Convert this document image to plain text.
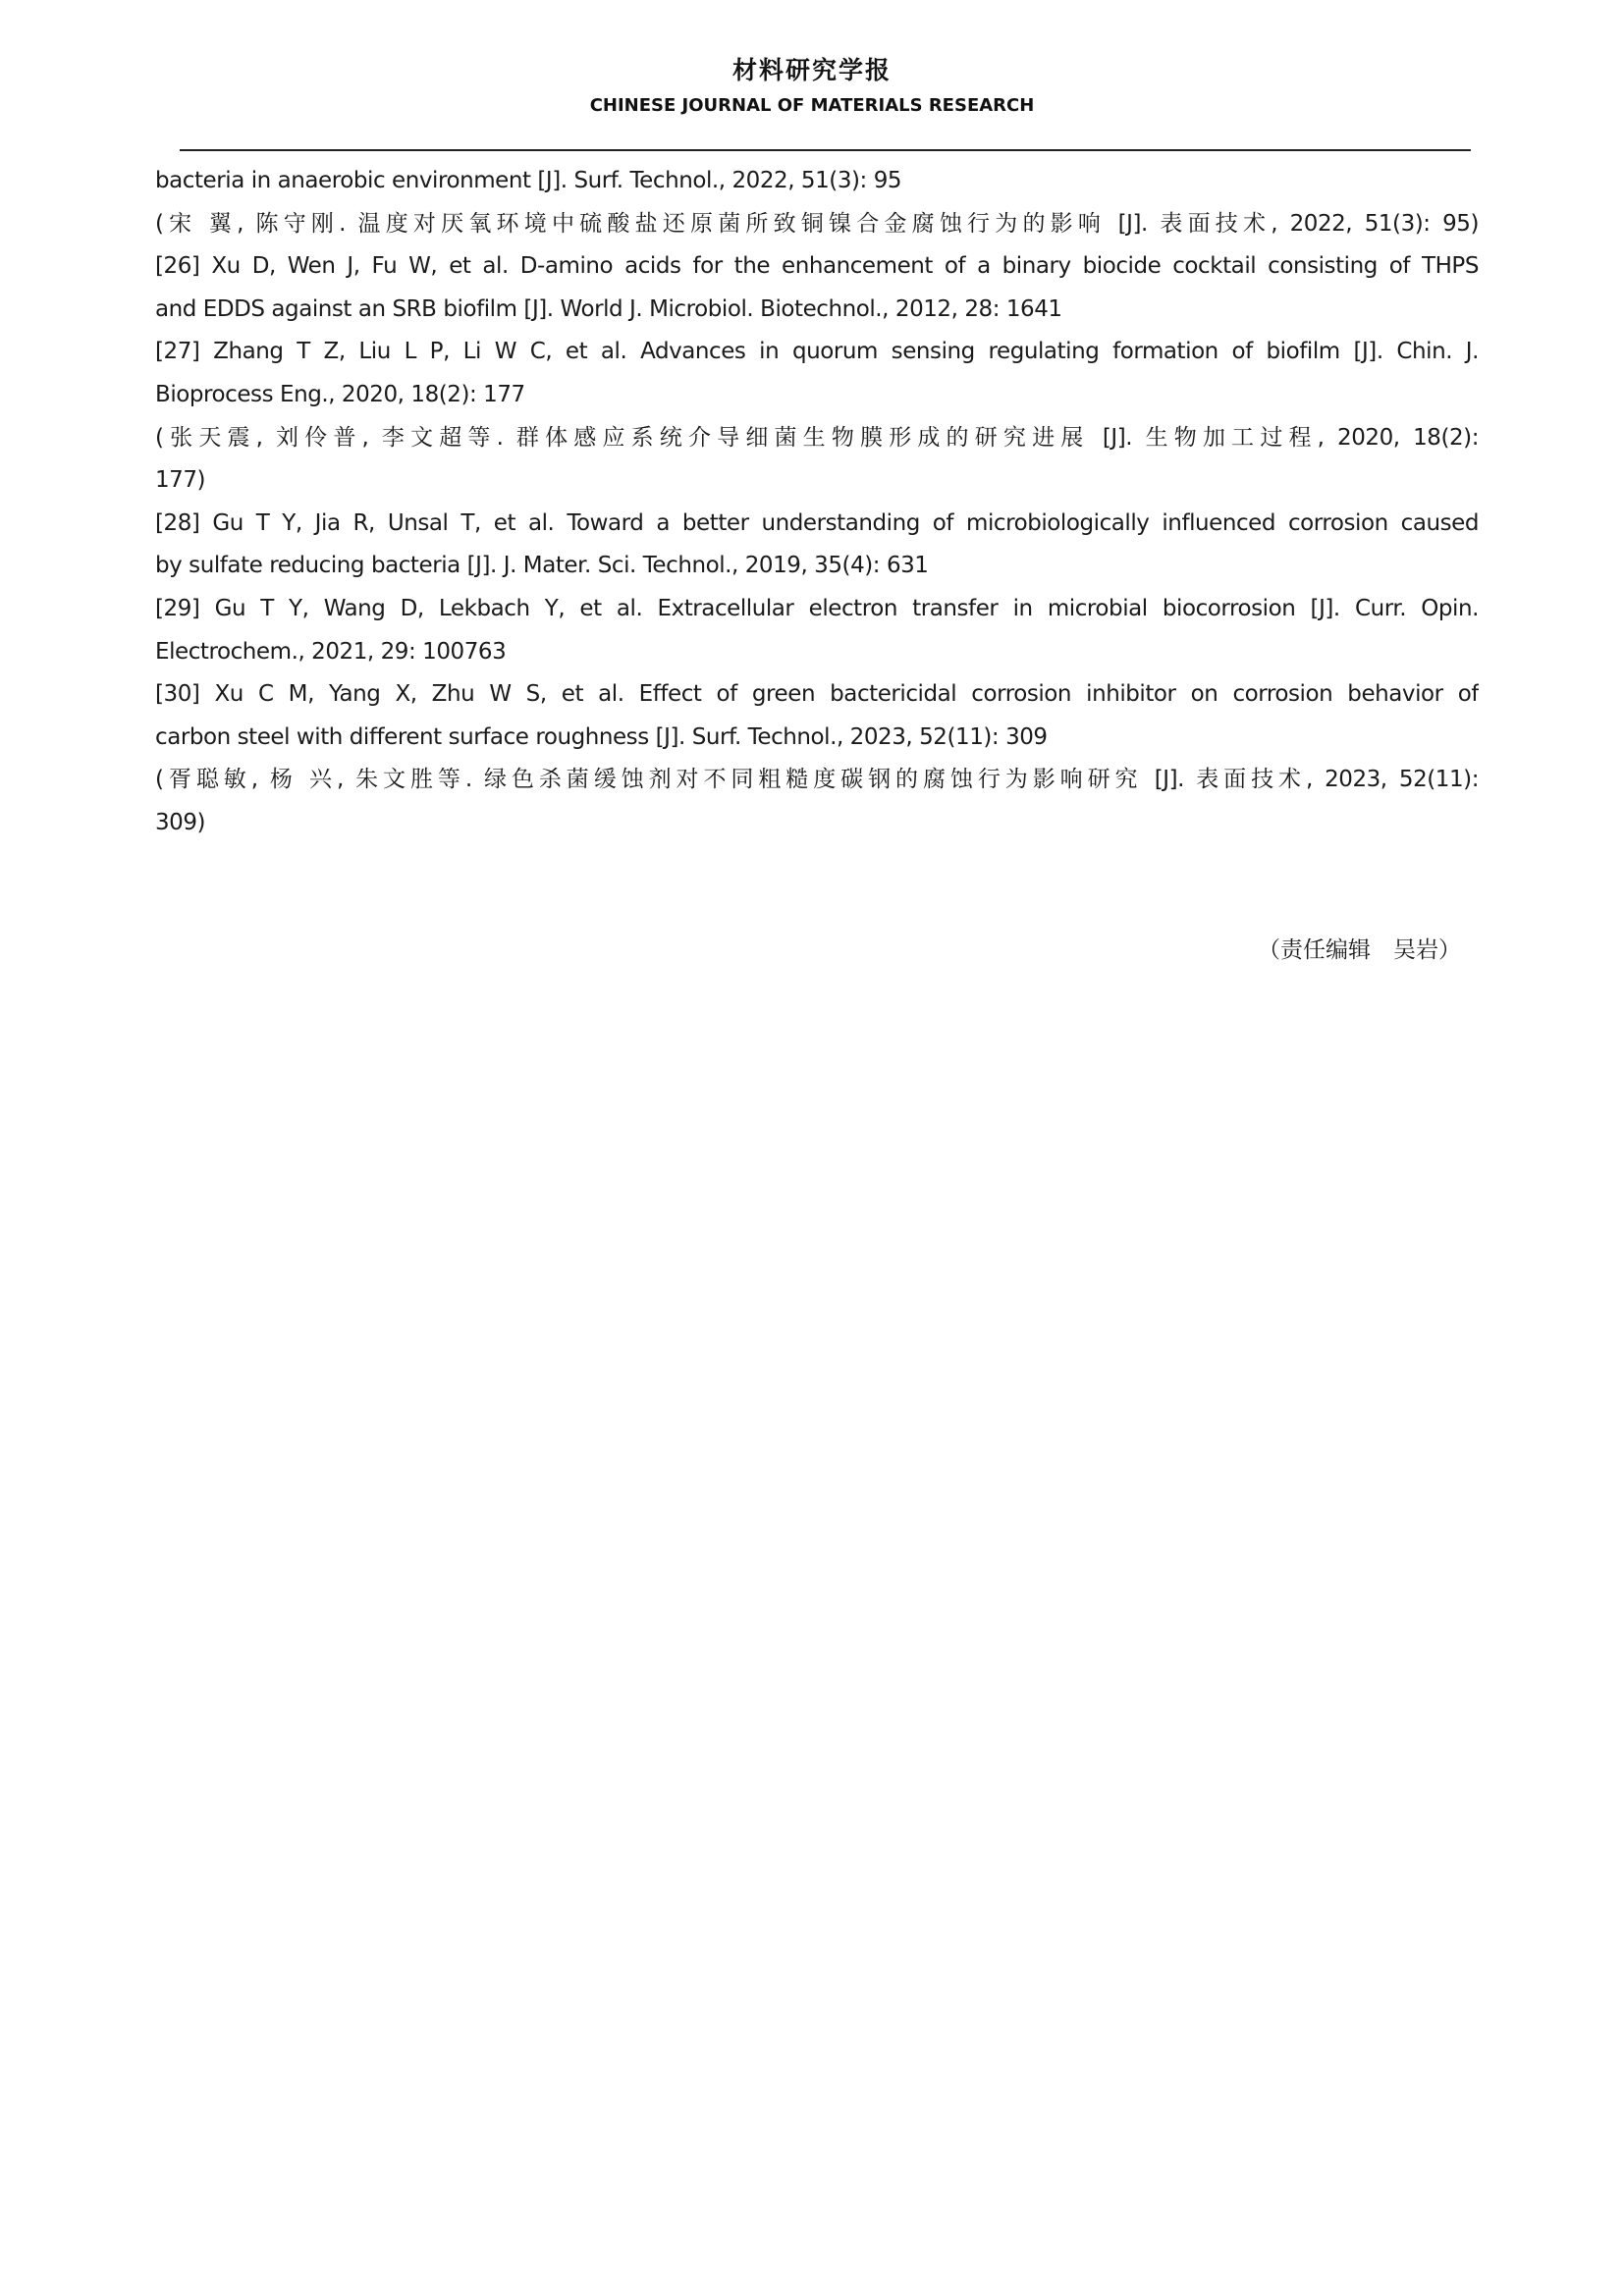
材料研究学报
CHINESE JOURNAL OF MATERIALS RESEARCH
bacteria in anaerobic environment [J]. Surf. Technol., 2022, 51(3): 95
(宋 翼, 陈守刚. 温度对厌氧环境中硫酸盐还原菌所致铜镍合金腐蚀行为的影响 [J]. 表面技术, 2022, 51(3): 95)
[26] Xu D, Wen J, Fu W, et al. D-amino acids for the enhancement of a binary biocide cocktail consisting of THPS
and EDDS against an SRB biofilm [J]. World J. Microbiol. Biotechnol., 2012, 28: 1641
[27] Zhang T Z, Liu L P, Li W C, et al. Advances in quorum sensing regulating formation of biofilm [J]. Chin. J.
Bioprocess Eng., 2020, 18(2): 177
(张天震, 刘伶普, 李文超等. 群体感应系统介导细菌生物膜形成的研究进展 [J]. 生物加工过程, 2020, 18(2):
177)
[28] Gu T Y, Jia R, Unsal T, et al. Toward a better understanding of microbiologically influenced corrosion caused
by sulfate reducing bacteria [J]. J. Mater. Sci. Technol., 2019, 35(4): 631
[29] Gu T Y, Wang D, Lekbach Y, et al. Extracellular electron transfer in microbial biocorrosion [J]. Curr. Opin.
Electrochem., 2021, 29: 100763
[30] Xu C M, Yang X, Zhu W S, et al. Effect of green bactericidal corrosion inhibitor on corrosion behavior of
carbon steel with different surface roughness [J]. Surf. Technol., 2023, 52(11): 309
(胥聪敏, 杨 兴, 朱文胜等. 绿色杀菌缓蚀剂对不同粗糙度碳钢的腐蚀行为影响研究 [J]. 表面技术, 2023, 52(11):
309)
（责任编辑　吴岩）
